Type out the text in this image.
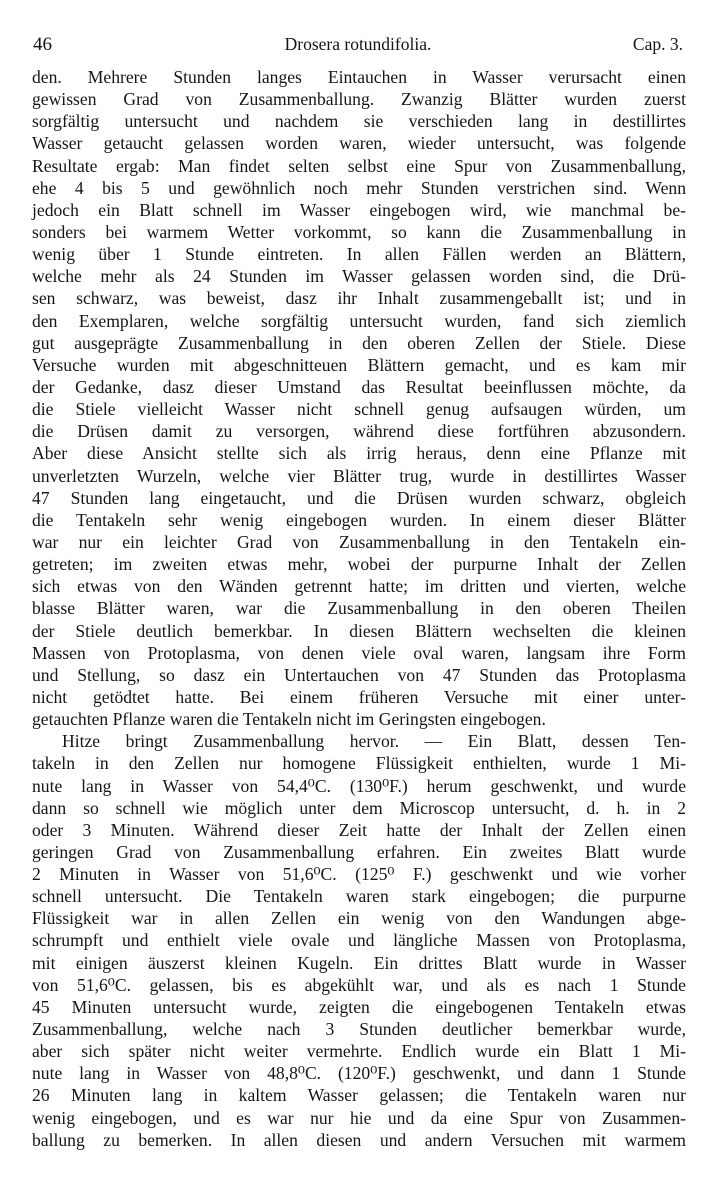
46	Drosera rotundifolia.	Cap. 3.
den. Mehrere Stunden langes Eintauchen in Wasser verursacht einen
gewissen Grad von Zusammenballung. Zwanzig Blätter wurden zuerst
sorgfältig untersucht und nachdem sie verschieden lang in destillirtes
Wasser getaucht gelassen worden waren, wieder untersucht, was folgende
Resultate ergab: Man findet selten selbst eine Spur von Zusammenballung,
ehe 4 bis 5 und gewöhnlich noch mehr Stunden verstrichen sind. Wenn
jedoch ein Blatt schnell im Wasser eingebogen wird, wie manchmal be-
sonders bei warmem Wetter vorkommt, so kann die Zusammenballung in
wenig über 1 Stunde eintreten. In allen Fällen werden an Blättern,
welche mehr als 24 Stunden im Wasser gelassen worden sind, die Drü-
sen schwarz, was beweist, dasz ihr Inhalt zusammengeballt ist; und in
den Exemplaren, welche sorgfältig untersucht wurden, fand sich ziemlich
gut ausgeprägte Zusammenballung in den oberen Zellen der Stiele. Diese
Versuche wurden mit abgeschnitteuen Blättern gemacht, und es kam mir
der Gedanke, dasz dieser Umstand das Resultat beeinflussen möchte, da
die Stiele vielleicht Wasser nicht schnell genug aufsaugen würden, um
die Drüsen damit zu versorgen, während diese fortführen abzusondern.
Aber diese Ansicht stellte sich als irrig heraus, denn eine Pflanze mit
unverletzten Wurzeln, welche vier Blätter trug, wurde in destillirtes Wasser
47 Stunden lang eingetaucht, und die Drüsen wurden schwarz, obgleich
die Tentakeln sehr wenig eingebogen wurden. In einem dieser Blätter
war nur ein leichter Grad von Zusammenballung in den Tentakeln ein-
getreten; im zweiten etwas mehr, wobei der purpurne Inhalt der Zellen
sich etwas von den Wänden getrennt hatte; im dritten und vierten, welche
blasse Blätter waren, war die Zusammenballung in den oberen Theilen
der Stiele deutlich bemerkbar. In diesen Blättern wechselten die kleinen
Massen von Protoplasma, von denen viele oval waren, langsam ihre Form
und Stellung, so dasz ein Untertauchen von 47 Stunden das Protoplasma
nicht getödtet hatte. Bei einem früheren Versuche mit einer unter-
getauchten Pflanze waren die Tentakeln nicht im Geringsten eingebogen.
Hitze bringt Zusammenballung hervor. — Ein Blatt, dessen Ten-
takeln in den Zellen nur homogene Flüssigkeit enthielten, wurde 1 Mi-
nute lang in Wasser von 54,4⁰C. (130⁰F.) herum geschwenkt, und wurde
dann so schnell wie möglich unter dem Microscop untersucht, d. h. in 2
oder 3 Minuten. Während dieser Zeit hatte der Inhalt der Zellen einen
geringen Grad von Zusammenballung erfahren. Ein zweites Blatt wurde
2 Minuten in Wasser von 51,6⁰C. (125⁰ F.) geschwenkt und wie vorher
schnell untersucht. Die Tentakeln waren stark eingebogen; die purpurne
Flüssigkeit war in allen Zellen ein wenig von den Wandungen abge-
schrumpft und enthielt viele ovale und längliche Massen von Protoplasma,
mit einigen äuszerst kleinen Kugeln. Ein drittes Blatt wurde in Wasser
von 51,6⁰C. gelassen, bis es abgekühlt war, und als es nach 1 Stunde
45 Minuten untersucht wurde, zeigten die eingebogenen Tentakeln etwas
Zusammenballung, welche nach 3 Stunden deutlicher bemerkbar wurde,
aber sich später nicht weiter vermehrte. Endlich wurde ein Blatt 1 Mi-
nute lang in Wasser von 48,8⁰C. (120⁰F.) geschwenkt, und dann 1 Stunde
26 Minuten lang in kaltem Wasser gelassen; die Tentakeln waren nur
wenig eingebogen, und es war nur hie und da eine Spur von Zusammen-
ballung zu bemerken. In allen diesen und andern Versuchen mit warmem
